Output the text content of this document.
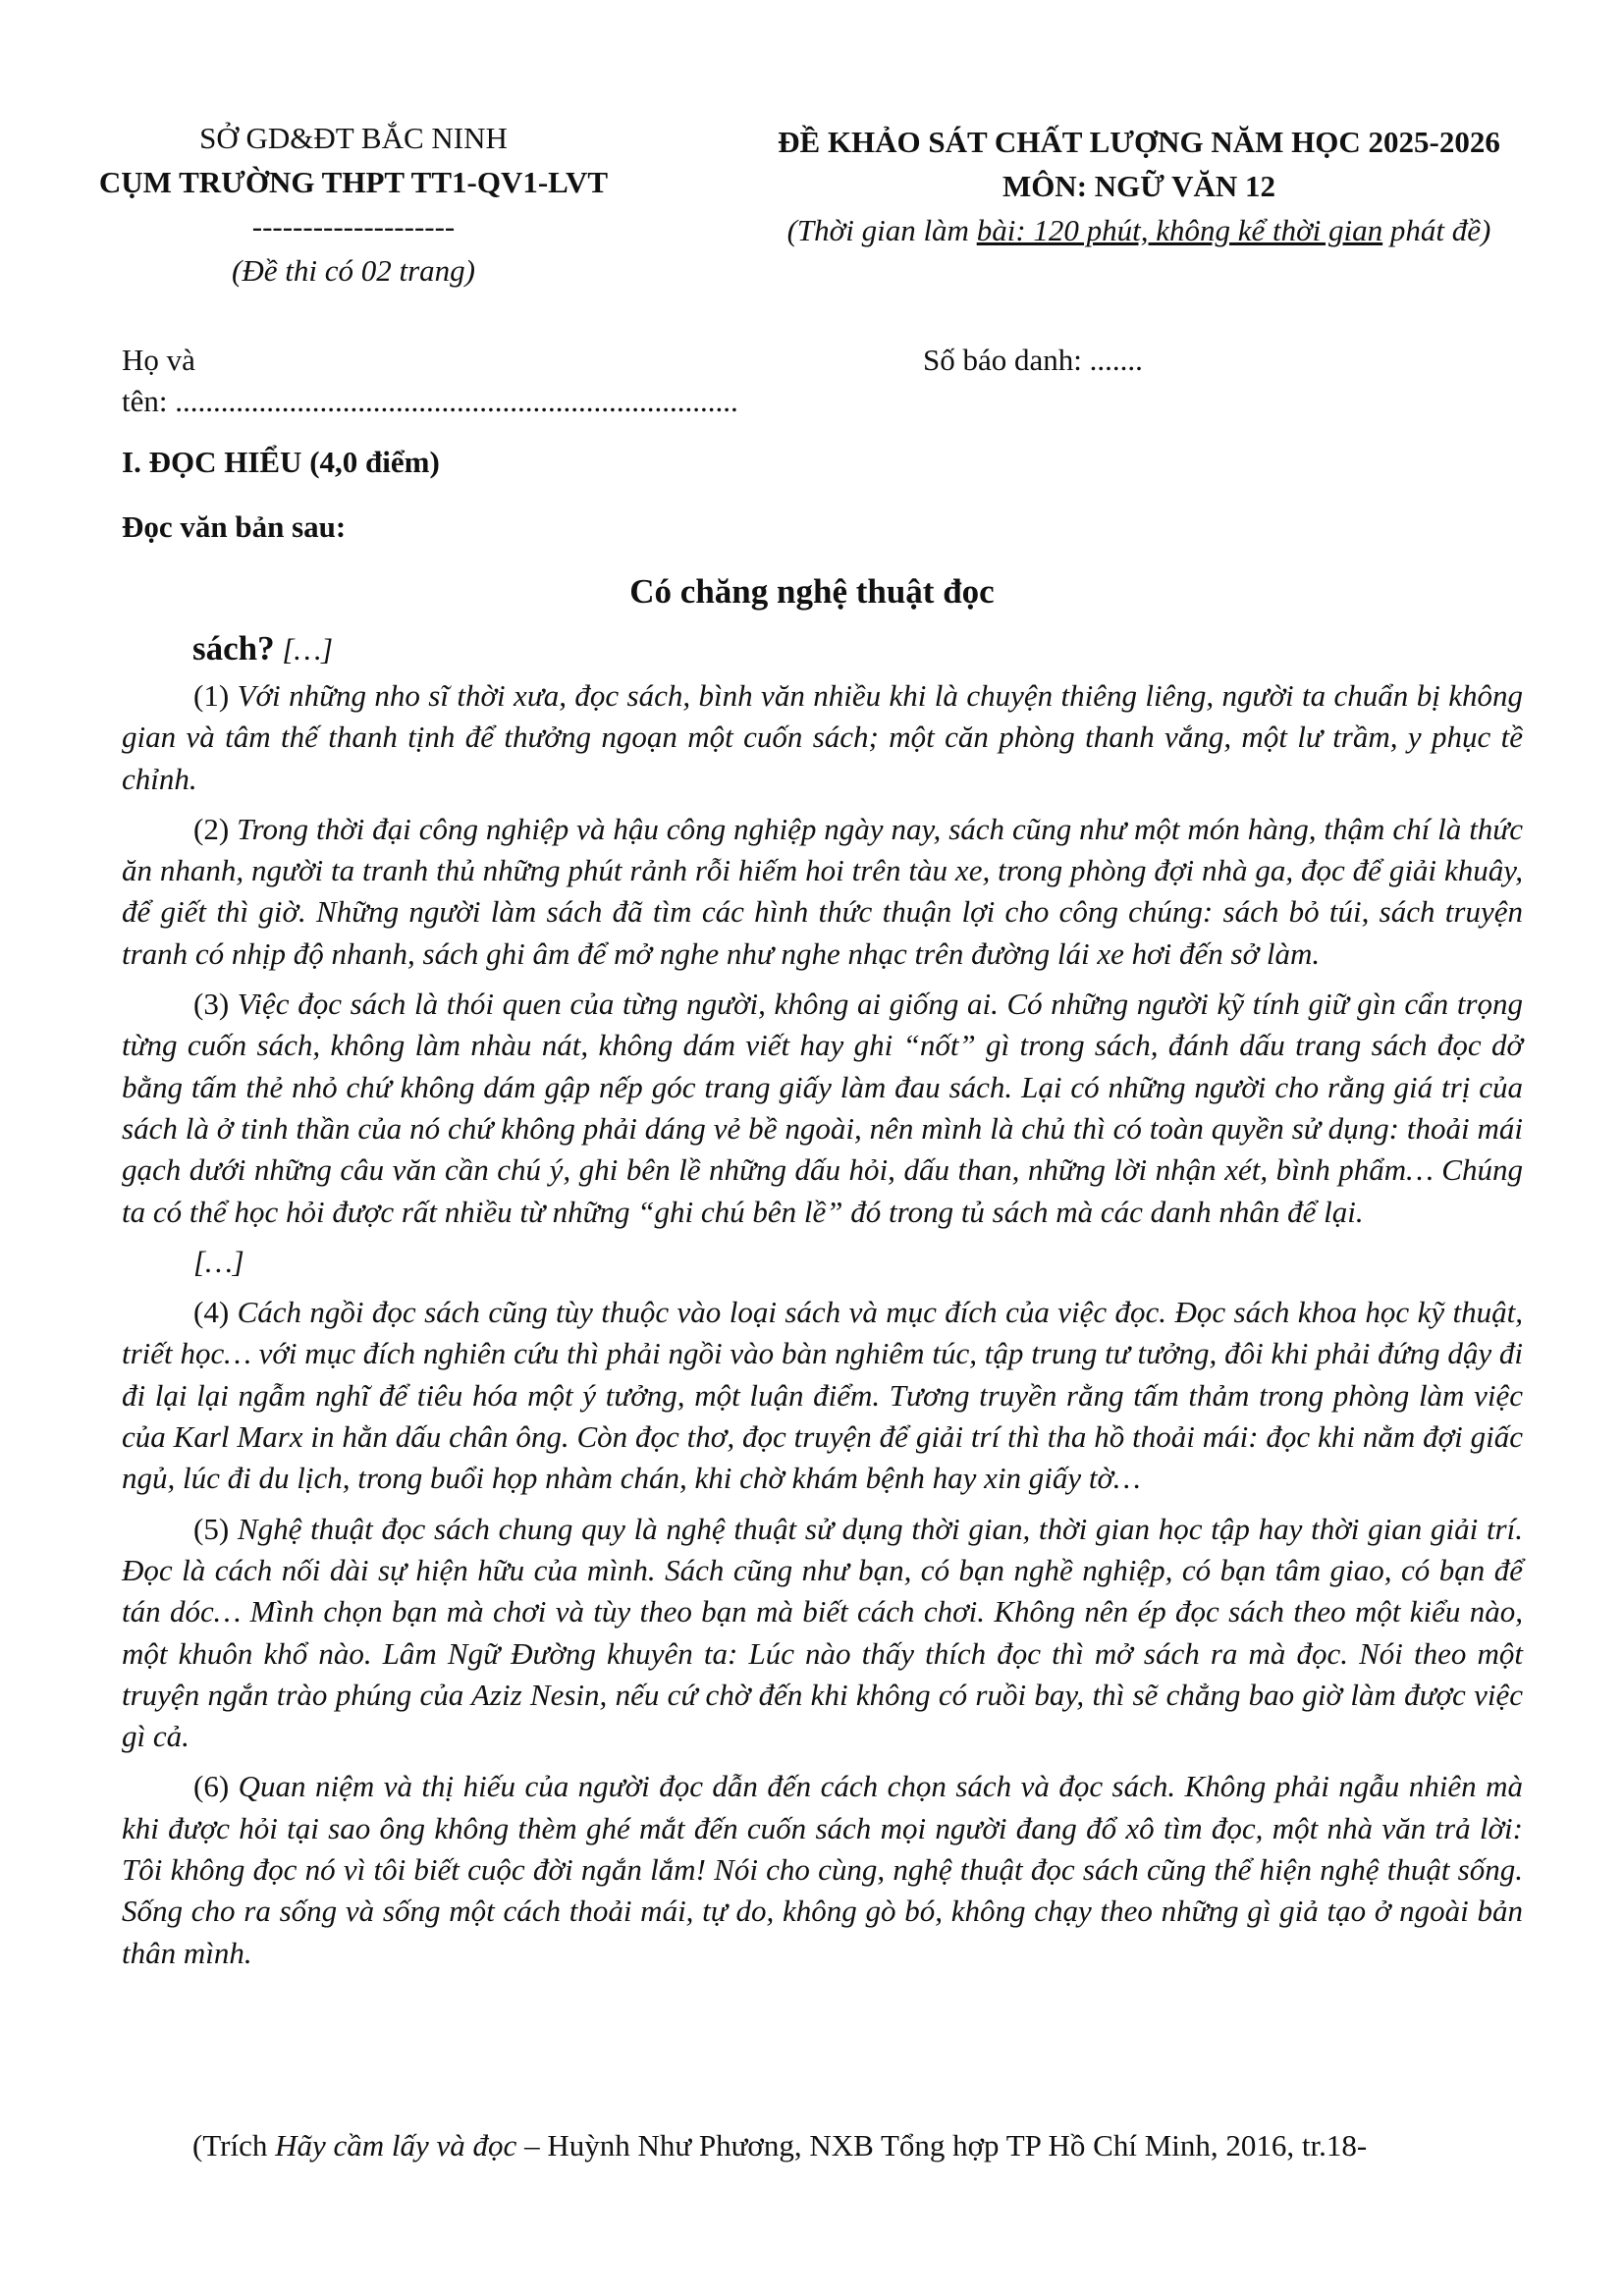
SỞ GD&ĐT BẮC NINH
CỤM TRƯỜNG THPT TT1-QV1-LVT
--------------------
(Đề thi có 02 trang)
ĐỀ KHẢO SÁT CHẤT LƯỢNG NĂM HỌC 2025-2026
MÔN: NGỮ VĂN 12
(Thời gian làm bài: 120 phút, không kể thời gian phát đề)
Họ và
tên: ..........................................................................
Số báo danh: .......
I. ĐỌC HIỂU (4,0 điểm)
Đọc văn bản sau:
Có chăng nghệ thuật đọc
sách? […]

(1) Với những nho sĩ thời xưa, đọc sách, bình văn nhiều khi là chuyện thiêng liêng, người ta chuẩn bị không gian và tâm thế thanh tịnh để thưởng ngoạn một cuốn sách; một căn phòng thanh vắng, một lư trầm, y phục tề chỉnh.

(2) Trong thời đại công nghiệp và hậu công nghiệp ngày nay, sách cũng như một món hàng, thậm chí là thức ăn nhanh, người ta tranh thủ những phút rảnh rỗi hiếm hoi trên tàu xe, trong phòng đợi nhà ga, đọc để giải khuây, để giết thì giờ. Những người làm sách đã tìm các hình thức thuận lợi cho công chúng: sách bỏ túi, sách truyện tranh có nhịp độ nhanh, sách ghi âm để mở nghe như nghe nhạc trên đường lái xe hơi đến sở làm.

(3) Việc đọc sách là thói quen của từng người, không ai giống ai. Có những người kỹ tính giữ gìn cẩn trọng từng cuốn sách, không làm nhàu nát, không dám viết hay ghi “nốt” gì trong sách, đánh dấu trang sách đọc dở bằng tấm thẻ nhỏ chứ không dám gập nếp góc trang giấy làm đau sách. Lại có những người cho rằng giá trị của sách là ở tinh thần của nó chứ không phải dáng vẻ bề ngoài, nên mình là chủ thì có toàn quyền sử dụng: thoải mái gạch dưới những câu văn cần chú ý, ghi bên lề những dấu hỏi, dấu than, những lời nhận xét, bình phẩm… Chúng ta có thể học hỏi được rất nhiều từ những “ghi chú bên lề” đó trong tủ sách mà các danh nhân để lại.

[…]

(4) Cách ngồi đọc sách cũng tùy thuộc vào loại sách và mục đích của việc đọc. Đọc sách khoa học kỹ thuật, triết học… với mục đích nghiên cứu thì phải ngồi vào bàn nghiêm túc, tập trung tư tưởng, đôi khi phải đứng dậy đi đi lại lại ngẫm nghĩ để tiêu hóa một ý tưởng, một luận điểm. Tương truyền rằng tấm thảm trong phòng làm việc của Karl Marx in hằn dấu chân ông. Còn đọc thơ, đọc truyện để giải trí thì tha hồ thoải mái: đọc khi nằm đợi giấc ngủ, lúc đi du lịch, trong buổi họp nhàm chán, khi chờ khám bệnh hay xin giấy tờ…

(5) Nghệ thuật đọc sách chung quy là nghệ thuật sử dụng thời gian, thời gian học tập hay thời gian giải trí. Đọc là cách nối dài sự hiện hữu của mình. Sách cũng như bạn, có bạn nghề nghiệp, có bạn tâm giao, có bạn để tán dóc… Mình chọn bạn mà chơi và tùy theo bạn mà biết cách chơi. Không nên ép đọc sách theo một kiểu nào, một khuôn khổ nào. Lâm Ngữ Đường khuyên ta: Lúc nào thấy thích đọc thì mở sách ra mà đọc. Nói theo một truyện ngắn trào phúng của Aziz Nesin, nếu cứ chờ đến khi không có ruồi bay, thì sẽ chẳng bao giờ làm được việc gì cả.

(6) Quan niệm và thị hiếu của người đọc dẫn đến cách chọn sách và đọc sách. Không phải ngẫu nhiên mà khi được hỏi tại sao ông không thèm ghé mắt đến cuốn sách mọi người đang đổ xô tìm đọc, một nhà văn trả lời: Tôi không đọc nó vì tôi biết cuộc đời ngắn lắm! Nói cho cùng, nghệ thuật đọc sách cũng thể hiện nghệ thuật sống. Sống cho ra sống và sống một cách thoải mái, tự do, không gò bó, không chạy theo những gì giả tạo ở ngoài bản thân mình.

(Trích Hãy cầm lấy và đọc – Huỳnh Như Phương, NXB Tổng hợp TP Hồ Chí Minh, 2016, tr.18-
